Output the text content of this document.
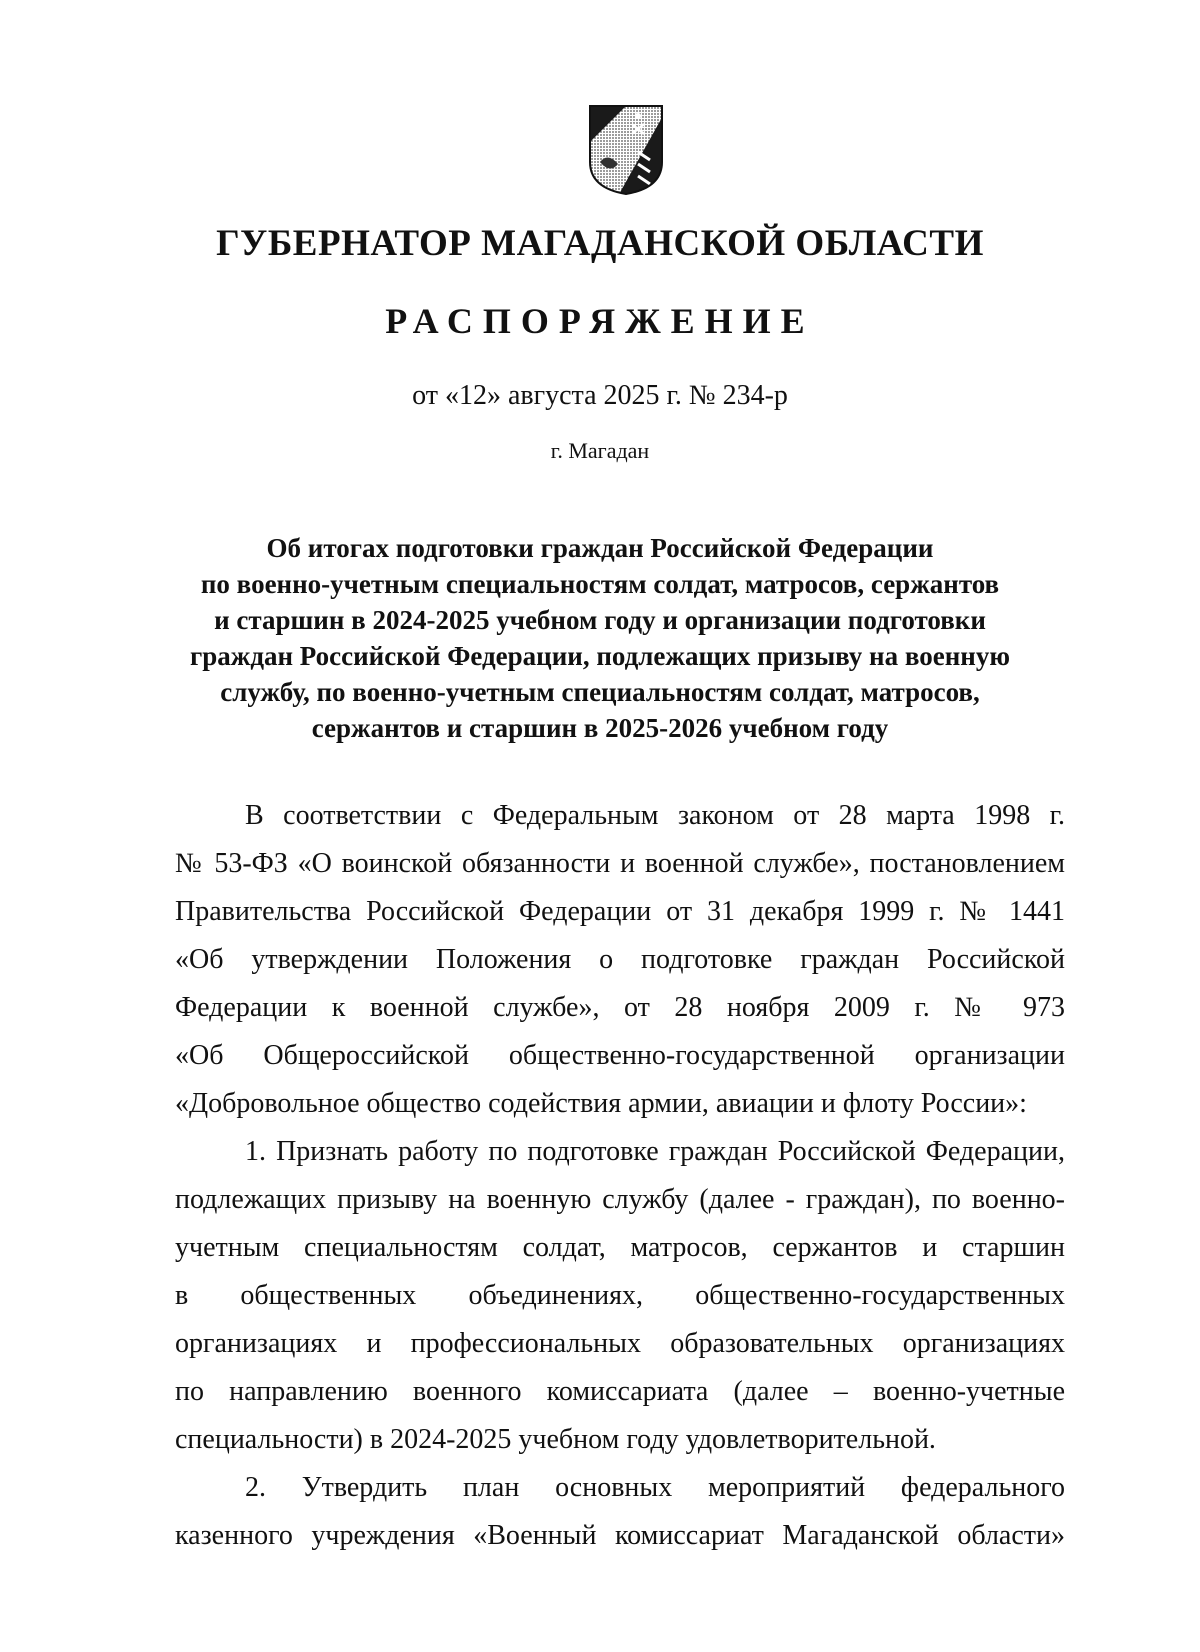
ГУБЕРНАТОР МАГАДАНСКОЙ ОБЛАСТИ
РАСПОРЯЖЕНИЕ
от «12» августа 2025 г. № 234-р
г. Магадан
Об итогах подготовки граждан Российской Федерации
по военно-учетным специальностям солдат, матросов, сержантов
и старшин в 2024-2025 учебном году и организации подготовки
граждан Российской Федерации, подлежащих призыву на военную
службу, по военно-учетным специальностям солдат, матросов,
сержантов и старшин в 2025-2026 учебном году
В соответствии с Федеральным законом от 28 марта 1998 г.
№ 53-ФЗ «О воинской обязанности и военной службе», постановлением
Правительства Российской Федерации от 31 декабря 1999 г. № 1441
«Об утверждении Положения о подготовке граждан Российской
Федерации к военной службе», от 28 ноября 2009 г. № 973
«Об Общероссийской общественно-государственной организации
«Добровольное общество содействия армии, авиации и флоту России»:
1. Признать работу по подготовке граждан Российской Федерации,
подлежащих призыву на военную службу (далее - граждан), по военно-
учетным специальностям солдат, матросов, сержантов и старшин
в общественных объединениях, общественно-государственных
организациях и профессиональных образовательных организациях
по направлению военного комиссариата (далее – военно-учетные
специальности) в 2024-2025 учебном году удовлетворительной.
2. Утвердить план основных мероприятий федерального
казенного учреждения «Военный комиссариат Магаданской области»
